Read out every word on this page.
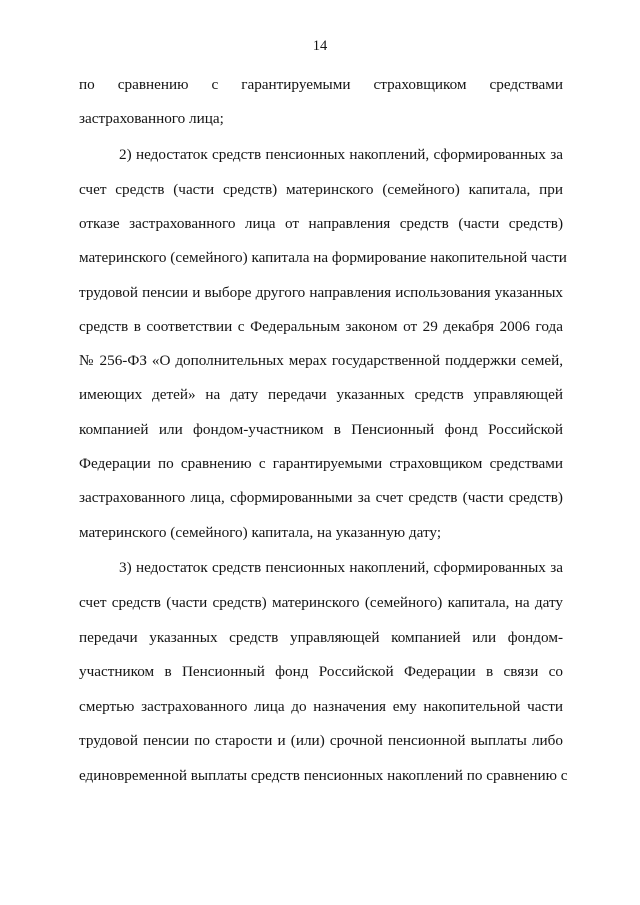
14
по сравнению с гарантируемыми страховщиком средствами
застрахованного лица;
2) недостаток средств пенсионных накоплений, сформированных за
счет средств (части средств) материнского (семейного) капитала, при
отказе застрахованного лица от направления средств (части средств)
материнского (семейного) капитала на формирование накопительной части
трудовой пенсии и выборе другого направления использования указанных
средств в соответствии с Федеральным законом от 29 декабря 2006 года
№ 256-ФЗ «О дополнительных мерах государственной поддержки семей,
имеющих детей» на дату передачи указанных средств управляющей
компанией или фондом-участником в Пенсионный фонд Российской
Федерации по сравнению с гарантируемыми страховщиком средствами
застрахованного лица, сформированными за счет средств (части средств)
материнского (семейного) капитала, на указанную дату;
3) недостаток средств пенсионных накоплений, сформированных за
счет средств (части средств) материнского (семейного) капитала, на дату
передачи указанных средств управляющей компанией или фондом-
участником в Пенсионный фонд Российской Федерации в связи со
смертью застрахованного лица до назначения ему накопительной части
трудовой пенсии по старости и (или) срочной пенсионной выплаты либо
единовременной выплаты средств пенсионных накоплений по сравнению с
